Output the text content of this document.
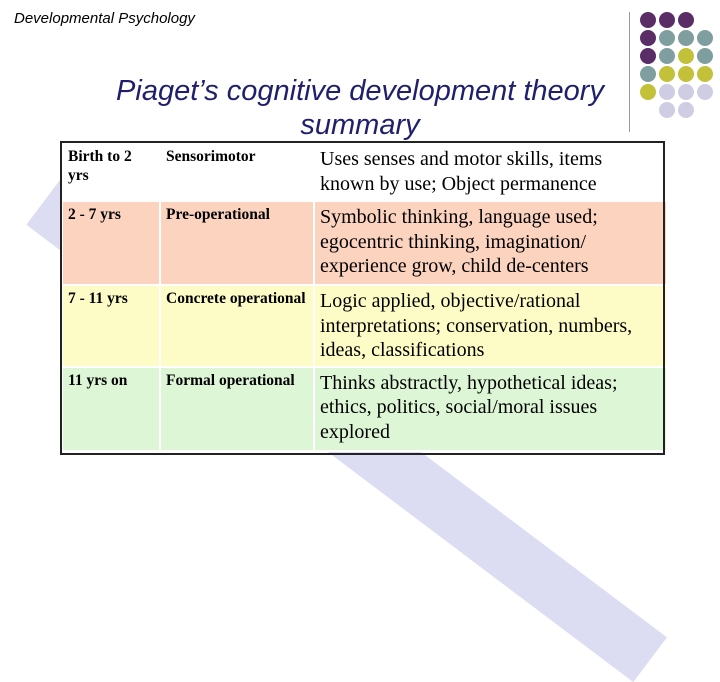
Developmental Psychology
Piaget’s cognitive development theory summary
Birth to 2 yrs	Sensorimotor	Uses senses and motor skills, items known by use; Object permanence
2 - 7 yrs	Pre-operational	Symbolic thinking, language used; egocentric thinking, imagination/ experience grow, child de-centers
7 - 11 yrs	Concrete operational	Logic applied, objective/rational interpretations; conservation, numbers, ideas, classifications
11 yrs on	Formal operational	Thinks abstractly, hypothetical ideas; ethics, politics, social/moral issues explored
